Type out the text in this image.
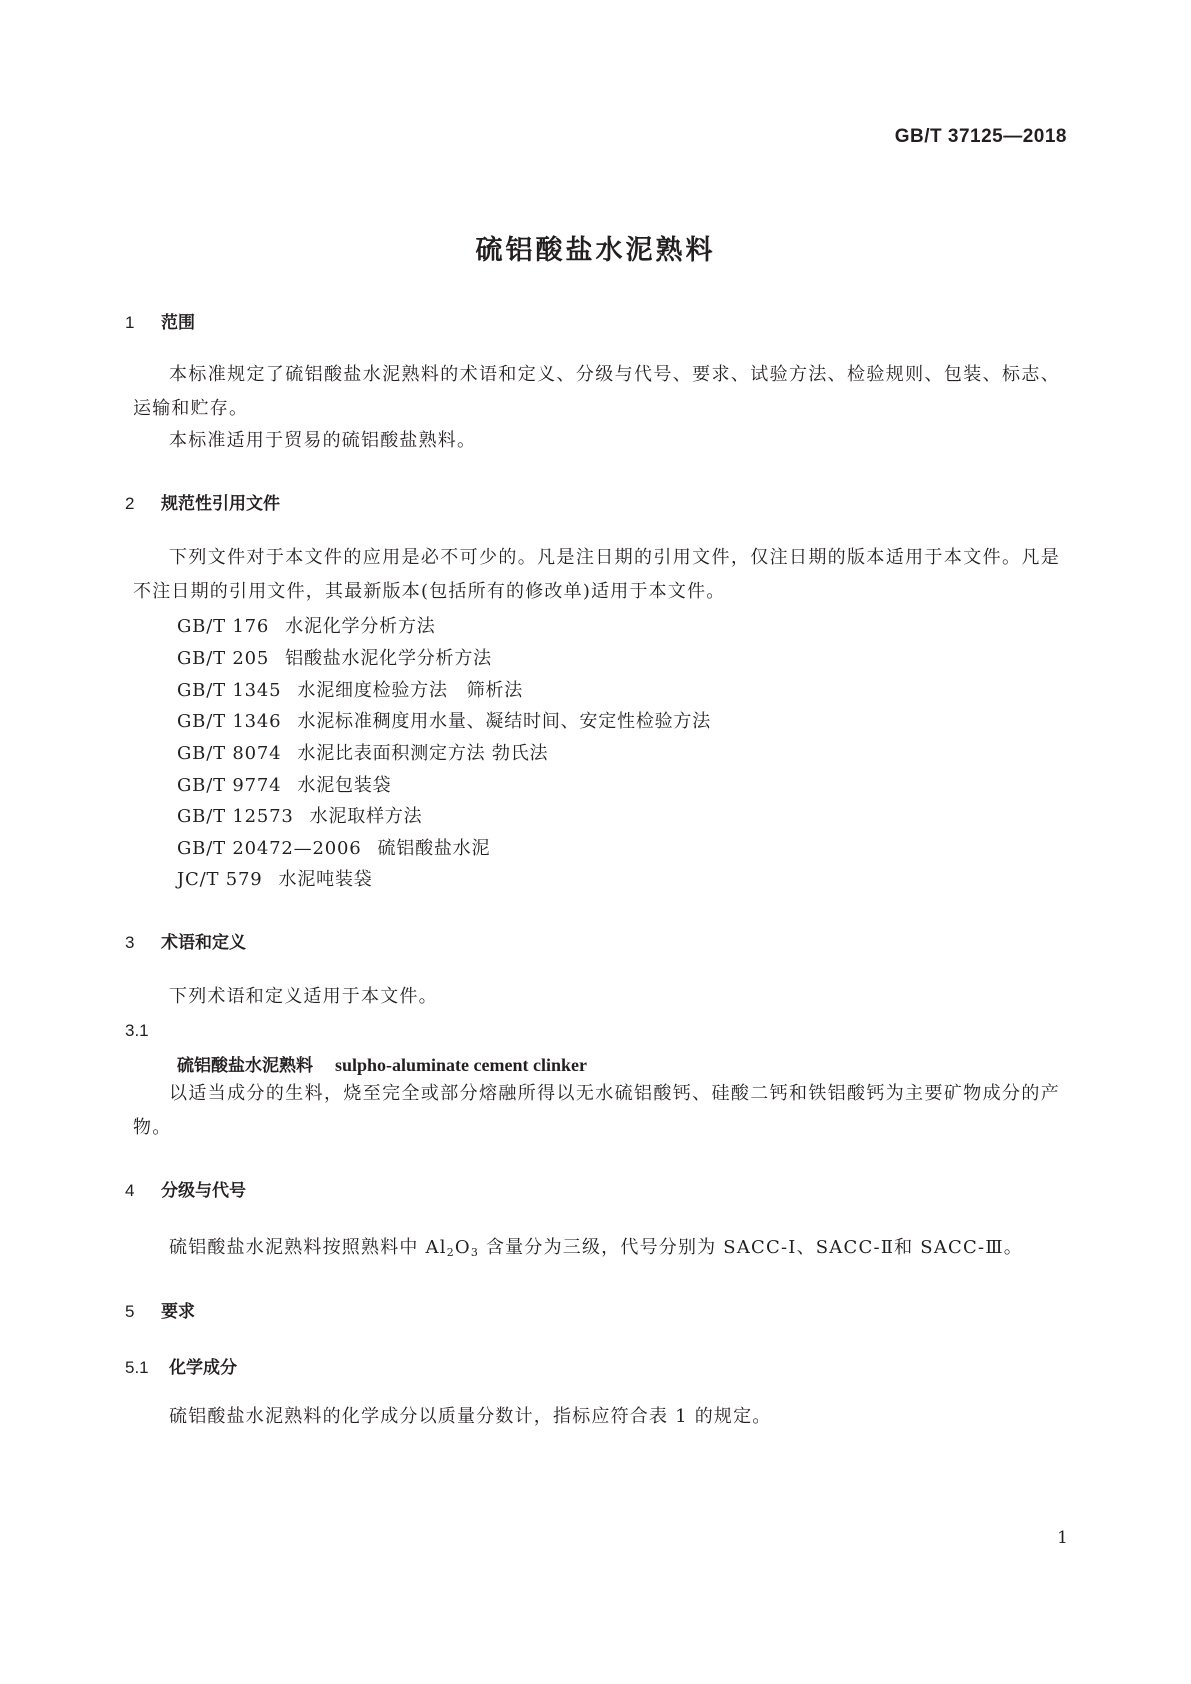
GB/T 37125—2018
硫铝酸盐水泥熟料
1 范围
本标准规定了硫铝酸盐水泥熟料的术语和定义、分级与代号、要求、试验方法、检验规则、包装、标志、运输和贮存。
本标准适用于贸易的硫铝酸盐熟料。
2 规范性引用文件
下列文件对于本文件的应用是必不可少的。凡是注日期的引用文件，仅注日期的版本适用于本文件。凡是不注日期的引用文件，其最新版本(包括所有的修改单)适用于本文件。
GB/T 176 水泥化学分析方法
GB/T 205 铝酸盐水泥化学分析方法
GB/T 1345 水泥细度检验方法　筛析法
GB/T 1346 水泥标准稠度用水量、凝结时间、安定性检验方法
GB/T 8074 水泥比表面积测定方法 勃氏法
GB/T 9774 水泥包装袋
GB/T 12573 水泥取样方法
GB/T 20472—2006 硫铝酸盐水泥
JC/T 579 水泥吨装袋
3 术语和定义
下列术语和定义适用于本文件。
3.1
硫铝酸盐水泥熟料 sulpho-aluminate cement clinker
以适当成分的生料，烧至完全或部分熔融所得以无水硫铝酸钙、硅酸二钙和铁铝酸钙为主要矿物成分的产物。
4 分级与代号
硫铝酸盐水泥熟料按照熟料中 $Al_2O_3$ 含量分为三级，代号分别为 SACC-Ⅰ、SACC-Ⅱ和 SACC-Ⅲ。
5 要求
5.1 化学成分
硫铝酸盐水泥熟料的化学成分以质量分数计，指标应符合表 1 的规定。
1
